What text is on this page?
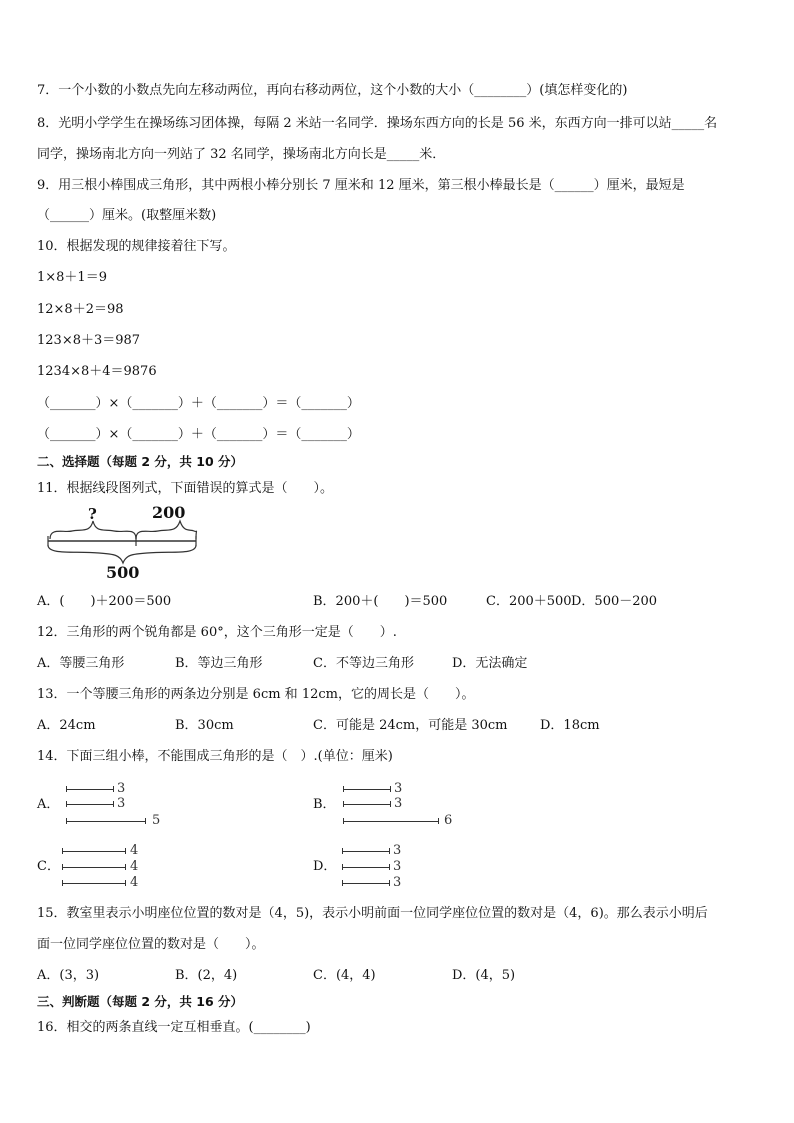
7．一个小数的小数点先向左移动两位，再向右移动两位，这个小数的大小（________）(填怎样变化的)
8．光明小学学生在操场练习团体操，每隔 2 米站一名同学．操场东西方向的长是 56 米，东西方向一排可以站_____名
同学，操场南北方向一列站了 32 名同学，操场南北方向长是_____米．
9．用三根小棒围成三角形，其中两根小棒分别长 7 厘米和 12 厘米，第三根小棒最长是（______）厘米，最短是
（______）厘米。(取整厘米数)
10．根据发现的规律接着往下写。
1×8＋1＝9
12×8＋2＝98
123×8＋3＝987
1234×8＋4＝9876
（_______）×（_______）＋（_______）＝（_______）
（_______）×（_______）＋（_______）＝（_______）
二、选择题（每题 2 分，共 10 分）
11．根据线段图列式，下面错误的算式是（　　）。
?	200
500
A．(　　)＋200＝500	B．200＋(　　)＝500	C．200＋500 D．500－200
12．三角形的两个锐角都是 60°，这个三角形一定是（　　）.
A．等腰三角形	B．等边三角形	C．不等边三角形	D．无法确定
13．一个等腰三角形的两条边分别是 6cm 和 12cm，它的周长是（　　）。
A．24cm	B．30cm	C．可能是 24cm，可能是 30cm D．18cm
14．下面三组小棒，不能围成三角形的是（　）.(单位：厘米)
A．
3
3
5
B．
3
3
6
C．
4
4
4
D．
3
3
3
15．教室里表示小明座位位置的数对是（4，5)，表示小明前面一位同学座位位置的数对是（4，6)。那么表示小明后
面一位同学座位位置的数对是（　　）。
A．(3，3)	B．(2，4)	C．(4，4)	D．(4，5)
三、判断题（每题 2 分，共 16 分）
16．相交的两条直线一定互相垂直。(________)
